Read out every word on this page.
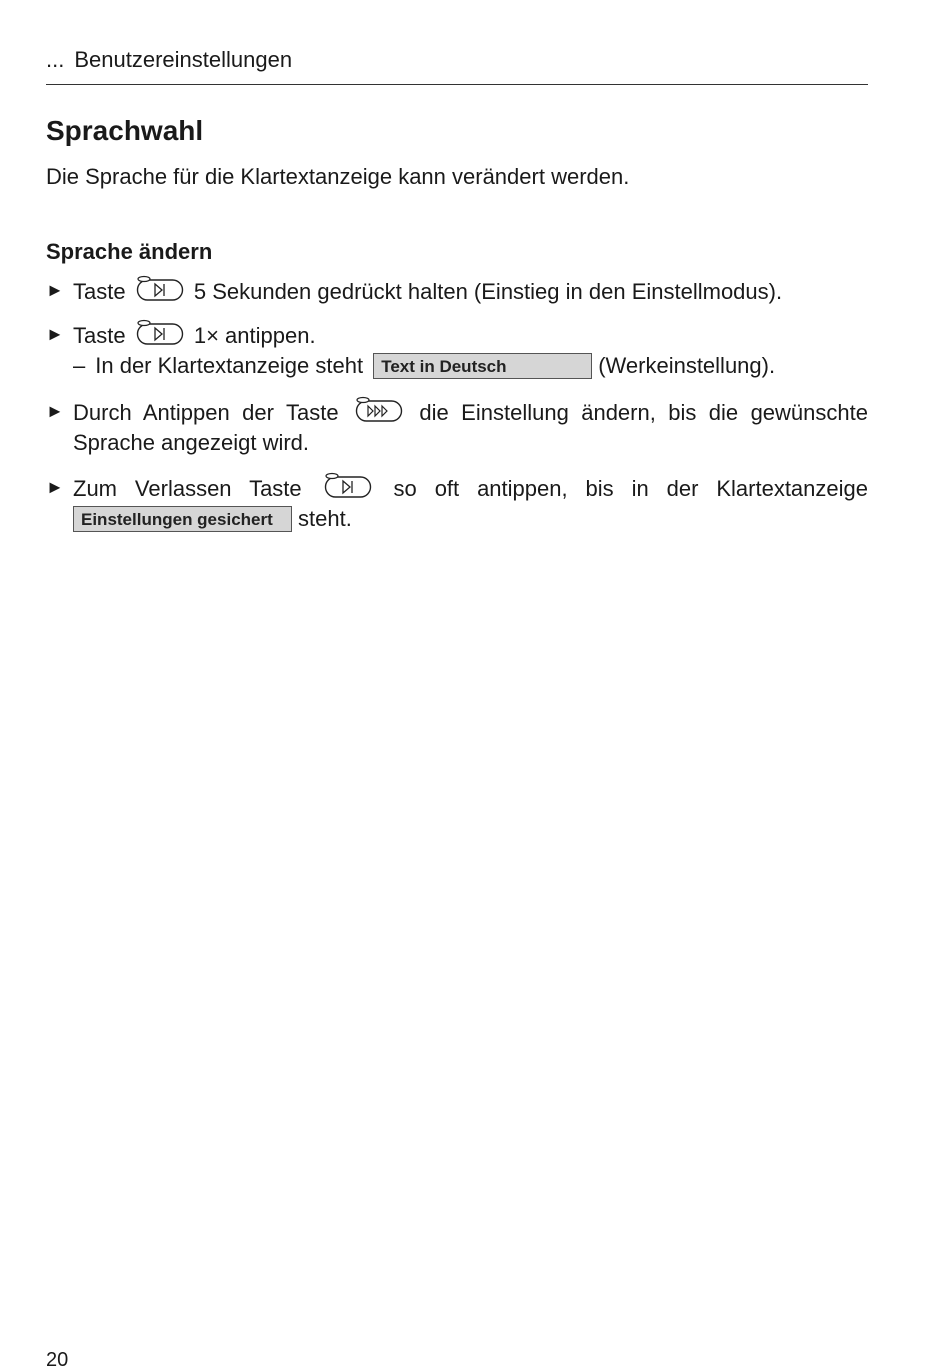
... Benutzereinstellungen
Sprachwahl

Die Sprache für die Klartextanzeige kann verändert werden.

Sprache ändern
► Taste	5 Sekunden gedrückt halten (Einstieg in den Einstellmodus).
► Taste	1× antippen.
– In der Klartextanzeige steht Text in Deutsch	(Werkeinstellung).
► Durch Antippen der Taste	die Einstellung ändern, bis die gewünschte Sprache angezeigt wird.
► Zum Verlassen Taste	so oft antippen, bis in der Klartextanzeige Einstellungen gesichert steht.
20
